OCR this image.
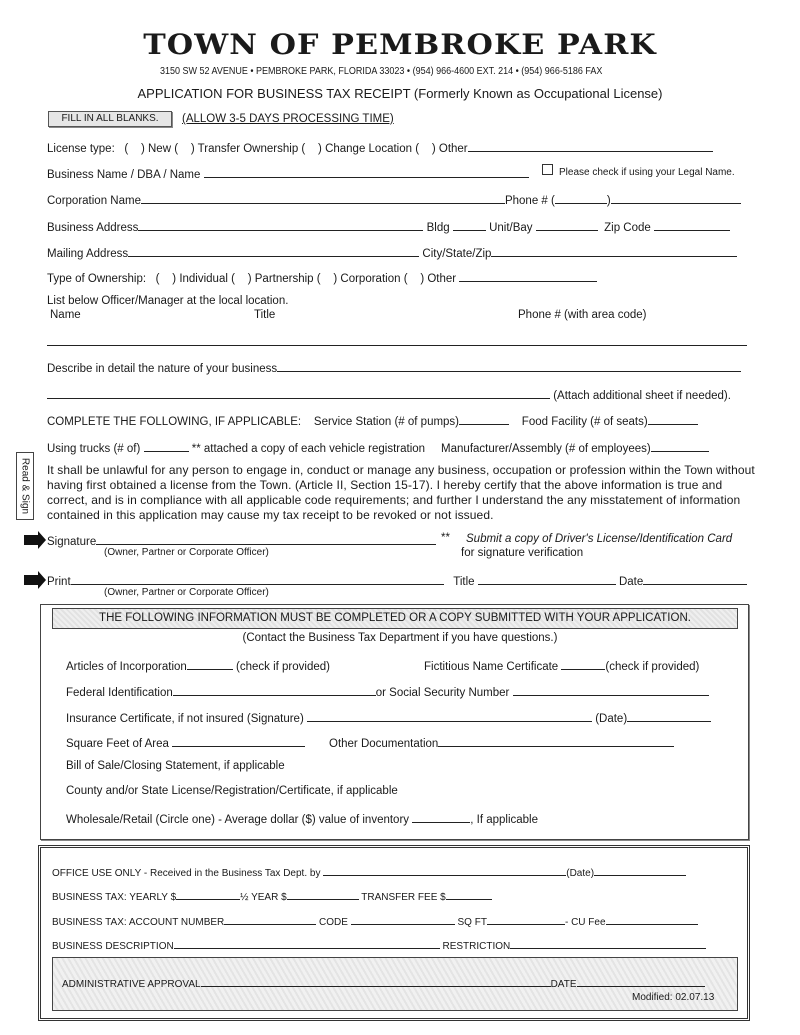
TOWN OF PEMBROKE PARK
3150 SW 52 AVENUE • PEMBROKE PARK, FLORIDA 33023 • (954) 966-4600 EXT. 214 • (954) 966-5186 FAX
APPLICATION FOR BUSINESS TAX RECEIPT (Formerly Known as Occupational License)
FILL IN ALL BLANKS.	(ALLOW 3-5 DAYS PROCESSING TIME)
License type:   (    ) New (    ) Transfer Ownership (    ) Change Location (    ) Other
Business Name / DBA / Name	Please check if using your Legal Name.
Corporation Name	Phone # (	)
Business Address	Bldg	Unit/Bay	Zip Code
Mailing Address	City/State/Zip
Type of Ownership:   (    ) Individual (    ) Partnership (    ) Corporation (    ) Other
List below Officer/Manager at the local location.
Name	Title	Phone # (with area code)
Describe in detail the nature of your business
(Attach additional sheet if needed).
COMPLETE THE FOLLOWING, IF APPLICABLE: Service Station (# of pumps)	Food Facility (# of seats)
Using trucks (# of)	** attached a copy of each vehicle registration Manufacturer/Assembly (# of employees)
Read & Sign It shall be unlawful for any person to engage in, conduct or manage any business, occupation or profession within the Town without having first obtained a license from the Town. (Article II, Section 15-17). I hereby certify that the above information is true and correct, and is in compliance with all applicable code requirements; and further I understand the any misstatement of information contained in this application may cause my tax receipt to be revoked or not issued.
Signature
(Owner, Partner or Corporate Officer)
** Submit a copy of Driver's License/Identification Card
for signature verification
Print	Title	Date
(Owner, Partner or Corporate Officer)
THE FOLLOWING INFORMATION MUST BE COMPLETED OR A COPY SUBMITTED WITH YOUR APPLICATION.
(Contact the Business Tax Department if you have questions.)
Articles of Incorporation	(check if provided)	Fictitious Name Certificate	(check if provided)
Federal Identification	or Social Security Number
Insurance Certificate, if not insured (Signature)	(Date)
Square Feet of Area	Other Documentation
Bill of Sale/Closing Statement, if applicable
County and/or State License/Registration/Certificate, if applicable
Wholesale/Retail (Circle one) - Average dollar ($) value of inventory	, If applicable
OFFICE USE ONLY - Received in the Business Tax Dept. by	(Date)
BUSINESS TAX: YEARLY $	½ YEAR $	TRANSFER FEE $
BUSINESS TAX: ACCOUNT NUMBER	CODE	SQ FT	- CU Fee
BUSINESS DESCRIPTION	RESTRICTION
ADMINISTRATIVE APPROVAL	DATE
Modified: 02.07.13
